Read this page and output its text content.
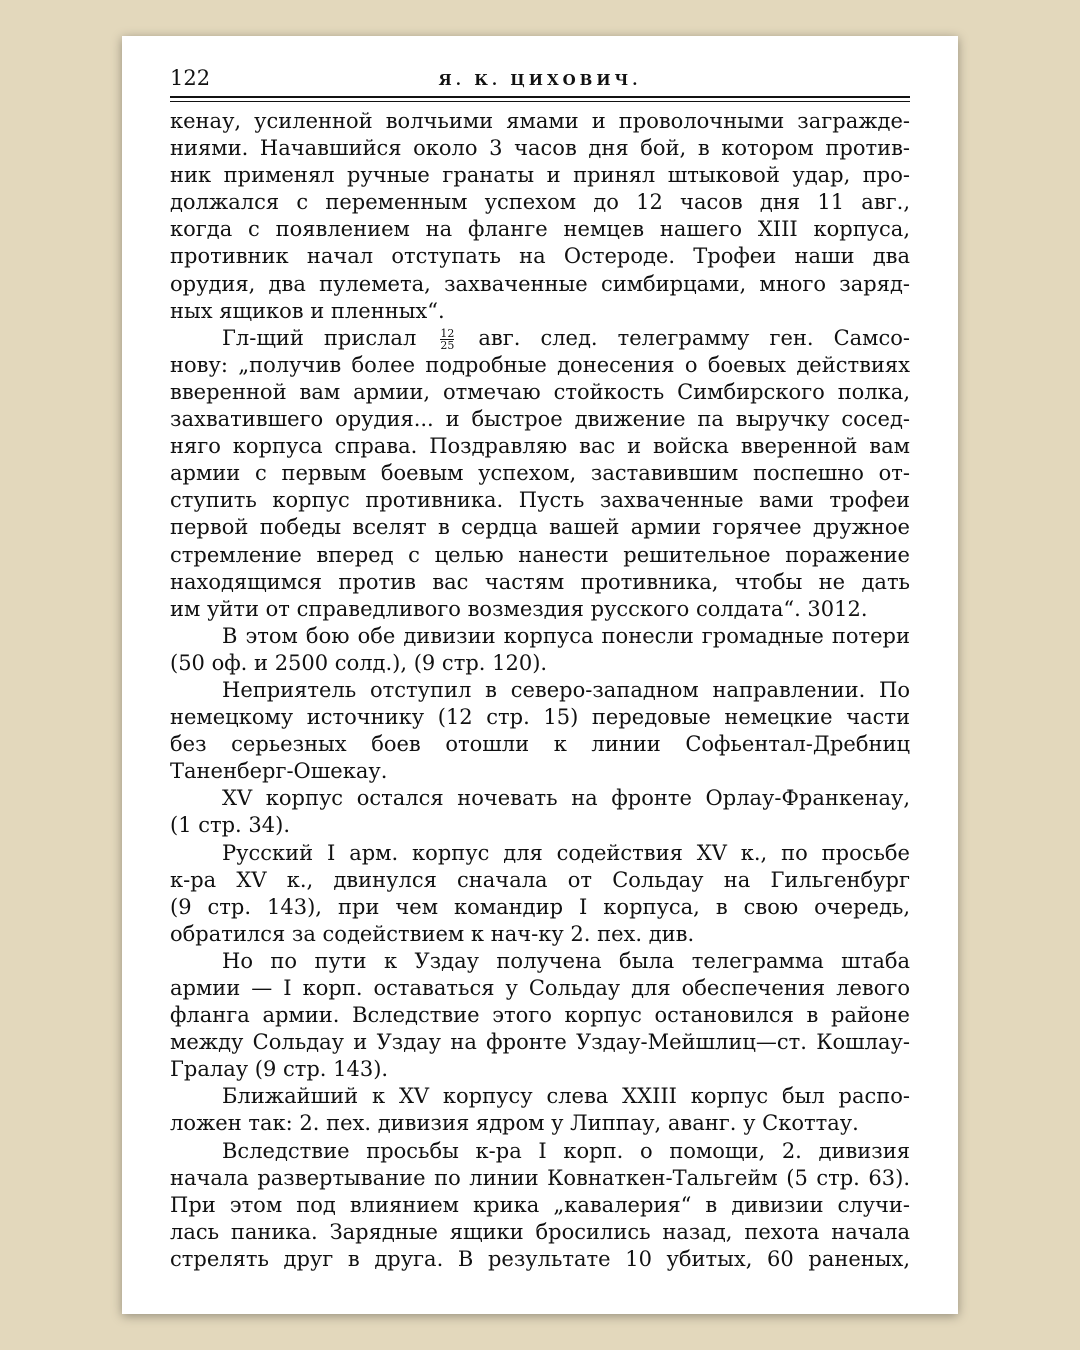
122	Я. К. ЦИХОВИЧ.
кенау, усиленной волчьими ямами и проволочными загражде-
ниями. Начавшийся около 3 часов дня бой, в котором против-
ник применял ручные гранаты и принял штыковой удар, про-
должался с переменным успехом до 12 часов дня 11 авг.,
когда с появлением на фланге немцев нашего XIII корпуса,
противник начал отступать на Остероде. Трофеи наши два
орудия, два пулемета, захваченные симбирцами, много заряд-
ных ящиков и пленных“.
Гл-щий прислал $\frac{12}{25}$ авг. след. телеграмму ген. Самсо-
нову: „получив более подробные донесения о боевых действиях
вверенной вам армии, отмечаю стойкость Симбирского полка,
захватившего орудия... и быстрое движение па выручку сосед-
няго корпуса справа. Поздравляю вас и войска вверенной вам
армии с первым боевым успехом, заставившим поспешно от-
ступить корпус противника. Пусть захваченные вами трофеи
первой победы вселят в сердца вашей армии горячее дружное
стремление вперед с целью нанести решительное поражение
находящимся против вас частям противника, чтобы не дать
им уйти от справедливого возмездия русского солдата“. 3012.
В этом бою обе дивизии корпуса понесли громадные потери
(50 оф. и 2500 солд.), (9 стр. 120).
Неприятель отступил в северо-западном направлении. По
немецкому источнику (12 стр. 15) передовые немецкие части
без серьезных боев отошли к линии Софьентал-Дребниц
Таненберг-Ошекау.
XV корпус остался ночевать на фронте Орлау-Франкенау,
(1 стр. 34).
Русский I арм. корпус для содействия XV к., по просьбе
к-ра XV к., двинулся сначала от Сольдау на Гильгенбург
(9 стр. 143), при чем командир I корпуса, в свою очередь,
обратился за содействием к нач-ку 2. пех. див.
Но по пути к Уздау получена была телеграмма штаба
армии — I корп. оставаться у Сольдау для обеспечения левого
фланга армии. Вследствие этого корпус остановился в районе
между Сольдау и Уздау на фронте Уздау-Мейшлиц—ст. Кошлау-
Гралау (9 стр. 143).
Ближайший к XV корпусу слева XXIII корпус был распо-
ложен так: 2. пех. дивизия ядром у Липпау, аванг. у Скоттау.
Вследствие просьбы к-ра I корп. о помощи, 2. дивизия
начала развертывание по линии Ковнаткен-Тальгейм (5 стр. 63).
При этом под влиянием крика „кавалерия“ в дивизии случи-
лась паника. Зарядные ящики бросились назад, пехота начала
стрелять друг в друга. В результате 10 убитых, 60 раненых,
